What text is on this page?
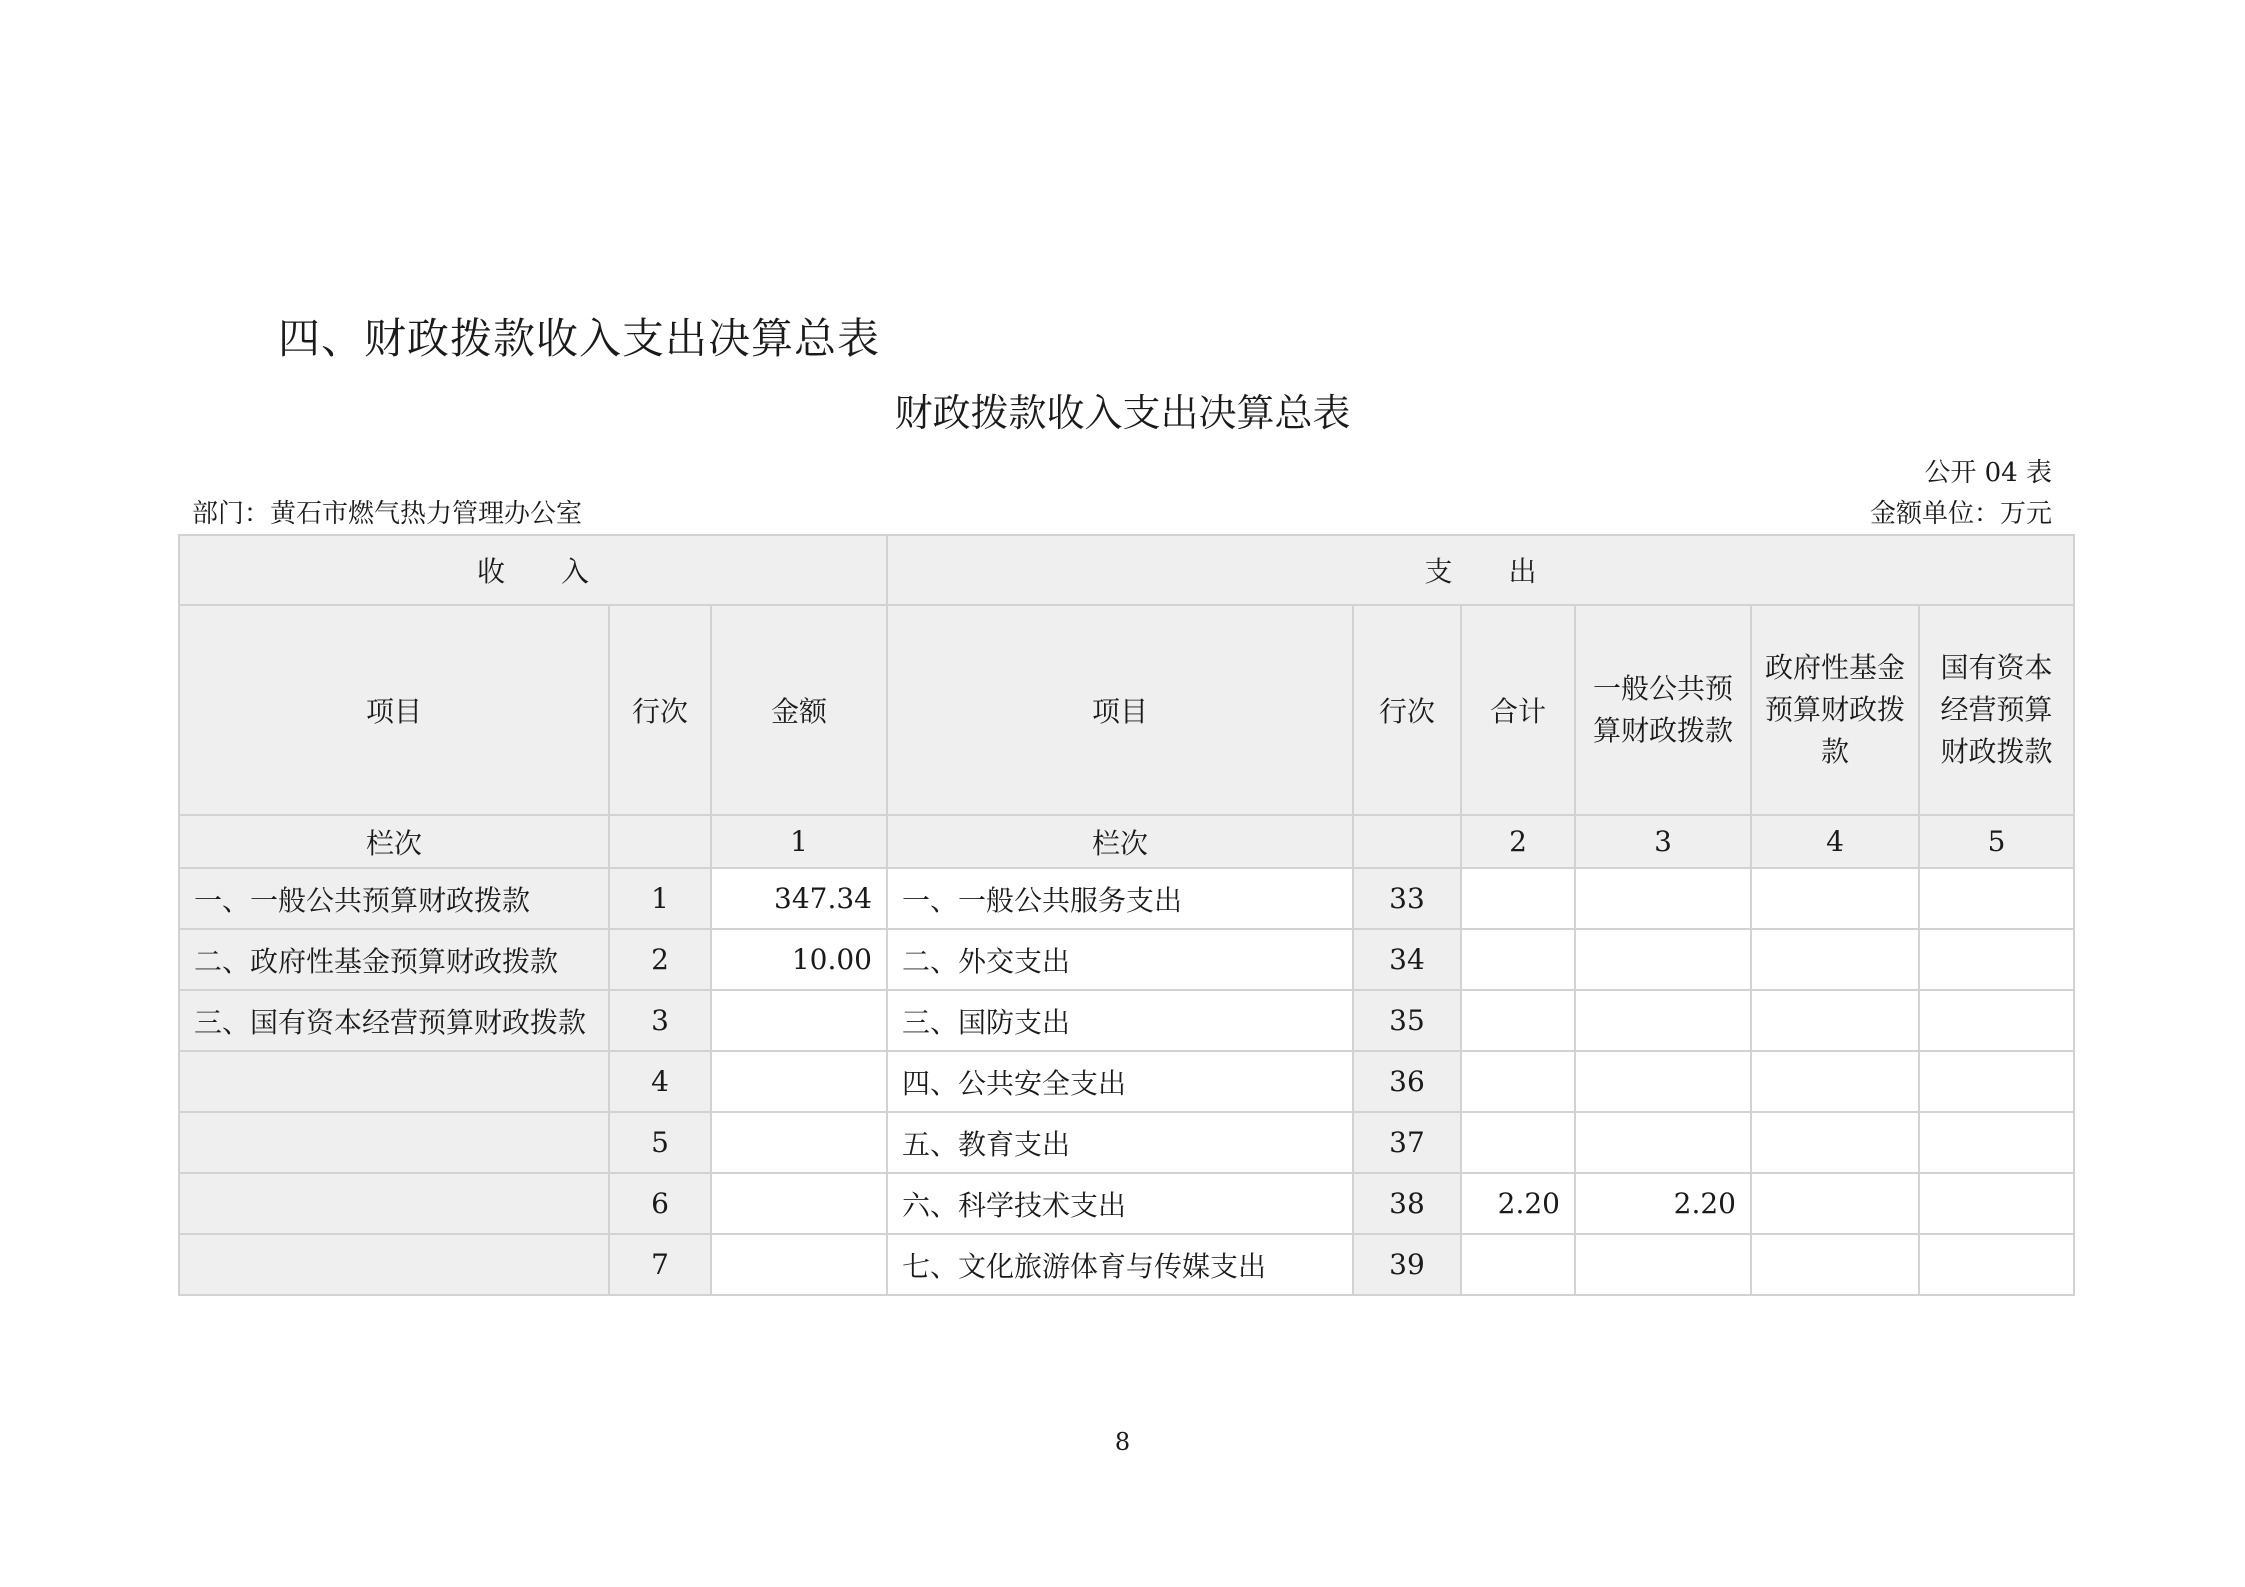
四、财政拨款收入支出决算总表
财政拨款收入支出决算总表
公开 04 表
部门：黄石市燃气热力管理办公室	金额单位：万元
收　　入			支　　出					
项目	行次	金额	项目	行次	合计	一般公共预算财政拨款	政府性基金预算财政拨款	国有资本经营预算财政拨款
栏次		1	栏次		2	3	4	5
一、一般公共预算财政拨款	1	347.34	一、一般公共服务支出	33				
二、政府性基金预算财政拨款	2	10.00	二、外交支出	34				
三、国有资本经营预算财政拨款	3		三、国防支出	35				
	4		四、公共安全支出	36				
	5		五、教育支出	37				
	6		六、科学技术支出	38	2.20	2.20		
	7		七、文化旅游体育与传媒支出	39				
8
